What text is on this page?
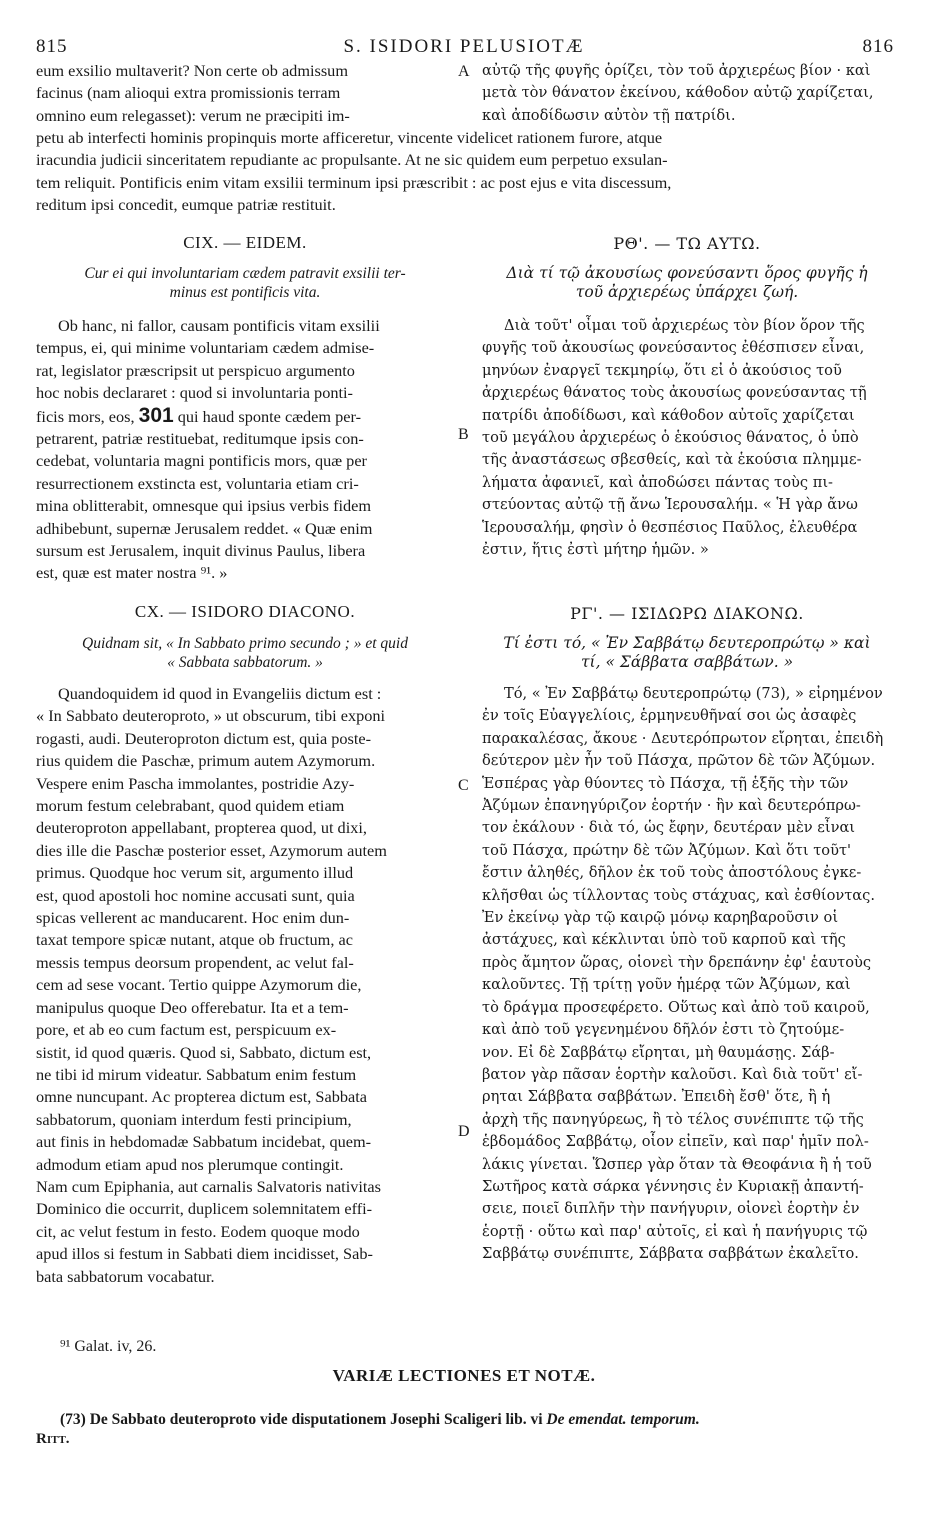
815	S. ISIDORI PELUSIOTÆ	816

eum exsilio multaverit? Non certe ob admissum

facinus (nam alioqui extra promissionis terram

omnino eum relegasset): verum ne præcipiti im-

A αὐτῷ τῆς φυγῆς ὁρίζει, τὸν τοῦ ἀρχιερέως βίον · καὶ

μετὰ τὸν θάνατον ἐκείνου, κάθοδον αὐτῷ χαρίζεται,

καὶ ἀποδίδωσιν αὐτὸν τῇ πατρίδι.

petu ab interfecti hominis propinquis morte afficeretur, vincente videlicet rationem furore, atque

iracundia judicii sinceritatem repudiante ac propulsante. At ne sic quidem eum perpetuo exsulan-

tem reliquit. Pontificis enim vitam exsilii terminum ipsi præscribit : ac post ejus e vita discessum,

reditum ipsi concedit, eumque patriæ restituit.

CIX. — EIDEM.	ΡΘ'. — ΤΩ ΑΥΤΩ.
Cur ei qui involuntariam cædem patravit exsilii ter-
minus est pontificis vita.
Διὰ τί τῷ ἀκουσίως φονεύσαντι ὅρος φυγῆς ἡ
τοῦ ἀρχιερέως ὑπάρχει ζωή.

Ob hanc, ni fallor, causam pontificis vitam exsilii

tempus, ei, qui minime voluntariam cædem admise-

rat, legislator præscripsit ut perspicuo argumento

hoc nobis declararet : quod si involuntaria ponti-

ficis mors, eos, 301 qui haud sponte cædem per-

petrarent, patriæ restituebat, reditumque ipsis con-

cedebat, voluntaria magni pontificis mors, quæ per

resurrectionem exstincta est, voluntaria etiam cri-

mina oblitterabit, omnesque qui ipsius verbis fidem

adhibebunt, supernæ Jerusalem reddet. « Quæ enim

sursum est Jerusalem, inquit divinus Paulus, libera

est, quæ est mater nostra ⁹¹. »

B

Διὰ τοῦτ' οἶμαι τοῦ ἀρχιερέως τὸν βίον ὅρον τῆς

φυγῆς τοῦ ἀκουσίως φονεύσαντος ἐθέσπισεν εἶναι,

μηνύων ἐναργεῖ τεκμηρίῳ, ὅτι εἰ ὁ ἀκούσιος τοῦ

ἀρχιερέως θάνατος τοὺς ἀκουσίως φονεύσαντας τῇ

πατρίδι ἀποδίδωσι, καὶ κάθοδον αὐτοῖς χαρίζεται

τοῦ μεγάλου ἀρχιερέως ὁ ἑκούσιος θάνατος, ὁ ὑπὸ

τῆς ἀναστάσεως σβεσθείς, καὶ τὰ ἑκούσια πλημμε-

λήματα ἀφανιεῖ, καὶ ἀποδώσει πάντας τοὺς πι-

στεύοντας αὐτῷ τῇ ἄνω Ἱερουσαλήμ. « Ἡ γὰρ ἄνω

Ἱερουσαλήμ, φησὶν ὁ θεσπέσιος Παῦλος, ἐλευθέρα

ἐστιν, ἥτις ἐστὶ μήτηρ ἡμῶν. »

CX. — ISIDORO DIACONO.	ΡΓ'. — ΙΣΙΔΩΡΩ ΔΙΑΚΟΝΩ.
Quidnam sit, « In Sabbato primo secundo ; » et quid
« Sabbata sabbatorum. »
Τί ἐστι τό, « Ἐν Σαββάτῳ δευτεροπρώτῳ » καὶ
τί, « Σάββατα σαββάτων. »

Quandoquidem id quod in Evangeliis dictum est :

« In Sabbato deuteroproto, » ut obscurum, tibi exponi

rogasti, audi. Deuteroproton dictum est, quia poste-

rius quidem die Paschæ, primum autem Azymorum.

Vespere enim Pascha immolantes, postridie Azy-

morum festum celebrabant, quod quidem etiam

deuteroproton appellabant, propterea quod, ut dixi,

dies ille die Paschæ posterior esset, Azymorum autem

primus. Quodque hoc verum sit, argumento illud

est, quod apostoli hoc nomine accusati sunt, quia

spicas vellerent ac manducarent. Hoc enim dun-

taxat tempore spicæ nutant, atque ob fructum, ac

messis tempus deorsum propendent, ac velut fal-

cem ad sese vocant. Tertio quippe Azymorum die,

manipulus quoque Deo offerebatur. Ita et a tem-

pore, et ab eo cum factum est, perspicuum ex-

sistit, id quod quæris. Quod si, Sabbato, dictum est,

ne tibi id mirum videatur. Sabbatum enim festum

omne nuncupant. Ac propterea dictum est, Sabbata

sabbatorum, quoniam interdum festi principium,

aut finis in hebdomadæ Sabbatum incidebat, quem-

admodum etiam apud nos plerumque contingit.

Nam cum Epiphania, aut carnalis Salvatoris nativitas

Dominico die occurrit, duplicem solemnitatem effi-

cit, ac velut festum in festo. Eodem quoque modo

apud illos si festum in Sabbati diem incidisset, Sab-

bata sabbatorum vocabatur.

C
D

Τό, « Ἐν Σαββάτῳ δευτεροπρώτῳ (73), » εἰρημένον

ἐν τοῖς Εὐαγγελίοις, ἑρμηνευθῆναί σοι ὡς ἀσαφὲς

παρακαλέσας, ἄκουε · Δευτερόπρωτον εἴρηται, ἐπειδὴ

δεύτερον μὲν ἦν τοῦ Πάσχα, πρῶτον δὲ τῶν Ἀζύμων.

Ἑσπέρας γὰρ θύοντες τὸ Πάσχα, τῇ ἑξῆς τὴν τῶν

Ἀζύμων ἐπανηγύριζον ἑορτήν · ἣν καὶ δευτερόπρω-

τον ἐκάλουν · διὰ τό, ὡς ἔφην, δευτέραν μὲν εἶναι

τοῦ Πάσχα, πρώτην δὲ τῶν Ἀζύμων. Καὶ ὅτι τοῦτ'

ἔστιν ἀληθές, δῆλον ἐκ τοῦ τοὺς ἀποστόλους ἐγκε-

κλῆσθαι ὡς τίλλοντας τοὺς στάχυας, καὶ ἐσθίοντας.

Ἐν ἐκείνῳ γὰρ τῷ καιρῷ μόνῳ καρηβαροῦσιν οἱ

ἀστάχυες, καὶ κέκλινται ὑπὸ τοῦ καρποῦ καὶ τῆς

πρὸς ἄμητον ὥρας, οἱονεὶ τὴν δρεπάνην ἐφ' ἑαυτοὺς

καλοῦντες. Τῇ τρίτῃ γοῦν ἡμέρᾳ τῶν Ἀζύμων, καὶ

τὸ δράγμα προσεφέρετο. Οὕτως καὶ ἀπὸ τοῦ καιροῦ,

καὶ ἀπὸ τοῦ γεγενημένου δῆλόν ἐστι τὸ ζητούμε-

νον. Εἰ δὲ Σαββάτῳ εἴρηται, μὴ θαυμάσῃς. Σάβ-

βατον γὰρ πᾶσαν ἑορτὴν καλοῦσι. Καὶ διὰ τοῦτ' εἴ-

ρηται Σάββατα σαββάτων. Ἐπειδὴ ἔσθ' ὅτε, ἢ ἡ

ἀρχὴ τῆς πανηγύρεως, ἢ τὸ τέλος συνέπιπτε τῷ τῆς

ἑβδομάδος Σαββάτῳ, οἷον εἰπεῖν, καὶ παρ' ἡμῖν πολ-

λάκις γίνεται. Ὥσπερ γὰρ ὅταν τὰ Θεοφάνια ἢ ἡ τοῦ

Σωτῆρος κατὰ σάρκα γέννησις ἐν Κυριακῇ ἀπαντή-

σειε, ποιεῖ διπλῆν τὴν πανήγυριν, οἱονεὶ ἑορτὴν ἐν

ἑορτῇ · οὕτω καὶ παρ' αὐτοῖς, εἰ καὶ ἡ πανήγυρις τῷ

Σαββάτῳ συνέπιπτε, Σάββατα σαββάτων ἐκαλεῖτο.

⁹¹ Galat. iv, 26.
VARIÆ LECTIONES ET NOTÆ.
(73) De Sabbato deuteroproto vide disputationem Josephi Scaligeri lib. vi De emendat. temporum.
Ritt.
